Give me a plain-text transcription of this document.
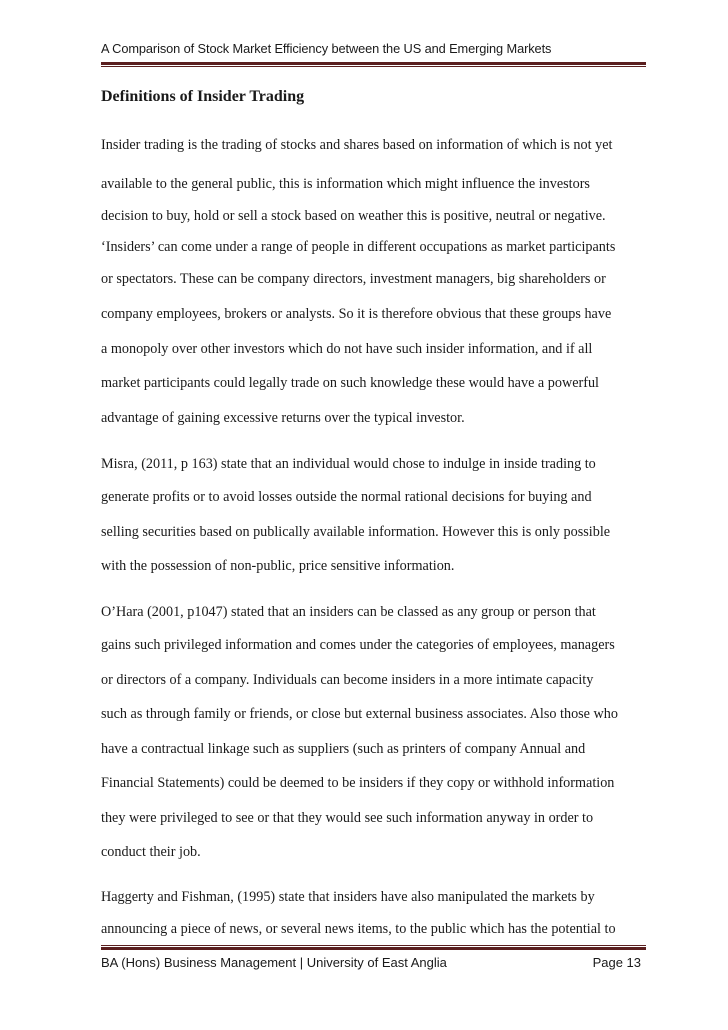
A Comparison of Stock Market Efficiency between the US and Emerging Markets
Definitions of Insider Trading
Insider trading is the trading of stocks and shares based on information of which is not yet
available to the general public, this is information which might influence the investors
decision to buy, hold or sell a stock based on weather this is positive, neutral or negative.
‘Insiders’ can come under a range of people in different occupations as market participants
or spectators. These can be company directors, investment managers, big shareholders or
company employees, brokers or analysts. So it is therefore obvious that these groups have
a monopoly over other investors which do not have such insider information, and if all
market participants could legally trade on such knowledge these would have a powerful
advantage of gaining excessive returns over the typical investor.
Misra, (2011, p 163) state that an individual would chose to indulge in inside trading to
generate profits or to avoid losses outside the normal rational decisions for buying and
selling securities based on publically available information. However this is only possible
with the possession of non-public, price sensitive information.
O’Hara (2001, p1047) stated that an insiders can be classed as any group or person that
gains such privileged information and comes under the categories of employees, managers
or directors of a company. Individuals can become insiders in a more intimate capacity
such as through family or friends, or close but external business associates. Also those who
have a contractual linkage such as suppliers (such as printers of company Annual and
Financial Statements) could be deemed to be insiders if they copy or withhold information
they were privileged to see or that they would see such information anyway in order to
conduct their job.
Haggerty and Fishman, (1995) state that insiders have also manipulated the markets by
announcing a piece of news, or several news items, to the public which has the potential to
BA (Hons) Business Management | University of East Anglia	Page 13
